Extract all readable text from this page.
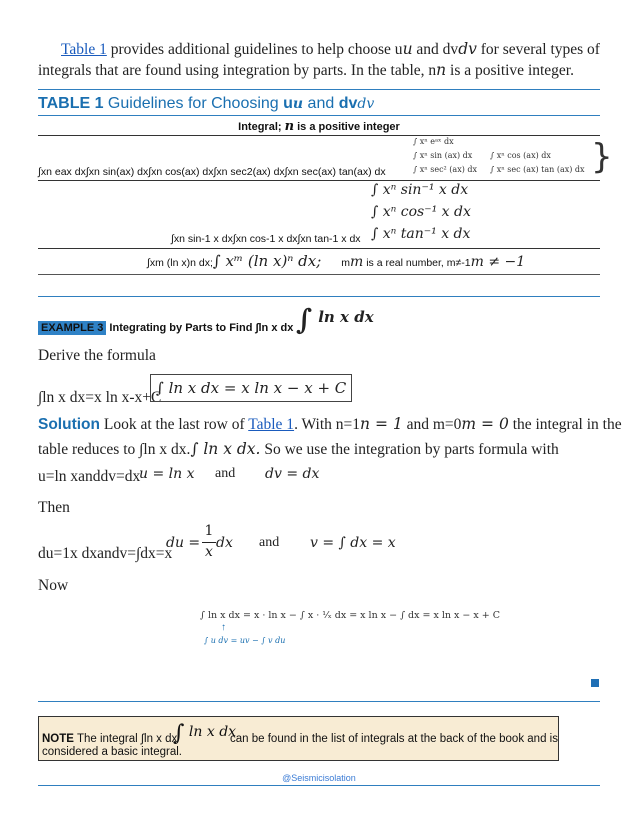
Table 1 provides additional guidelines to help choose uu and dvdv for several types of
integrals that are found using integration by parts. In the table, nn is a positive integer.
TABLE 1 Guidelines for Choosing uu and dvdv
Integral; n is a positive integer
∫ xⁿ eᵃˣ dx
∫ xⁿ sin (ax) dx ∫ xⁿ cos (ax) dx
∫ xⁿ sec² (ax) dx ∫ xⁿ sec (ax) tan (ax) dx }
∫xn eax dx∫xn sin(ax) dx∫xn cos(ax) dx∫xn sec2(ax) dx∫xn sec(ax) tan(ax) dx
∫ xⁿ sin⁻¹ x dx
∫ xⁿ cos⁻¹ x dx
∫xn sin-1 x dx∫xn cos-1 x dx∫xn tan-1 x dx ∫ xⁿ tan⁻¹ x dx
∫xm (ln x)n dx;∫ xᵐ (ln x)ⁿ dx; mm is a real number, m≠-1m ≠ −1
EXAMPLE 3 Integrating by Parts to Find ∫ln x dx ∫ ln x dx
Derive the formula
∫ln x dx=x ln x-x+C
∫ ln x dx = x ln x − x + C
Solution Look at the last row of Table 1. With n=1n = 1 and m=0m = 0 the integral in the
table reduces to ∫ln x dx.∫ ln x dx. So we use the integration by parts formula with
u=ln xanddv=dx
u = ln x and dv = dx
Then
du=1x dxandv=∫dx=x
du =
1
x
dx and v = ∫ dx = x
Now
∫ ln x dx = x · ln x − ∫ x · ¹⁄ₓ dx = x ln x − ∫ dx = x ln x − x + C
↑
∫ u dv = uv − ∫ v du
NOTE The integral ∫ln x dx
∫ ln x dx
can be found in the list of integrals at the back of the book and is
considered a basic integral.
@Seismicisolation
